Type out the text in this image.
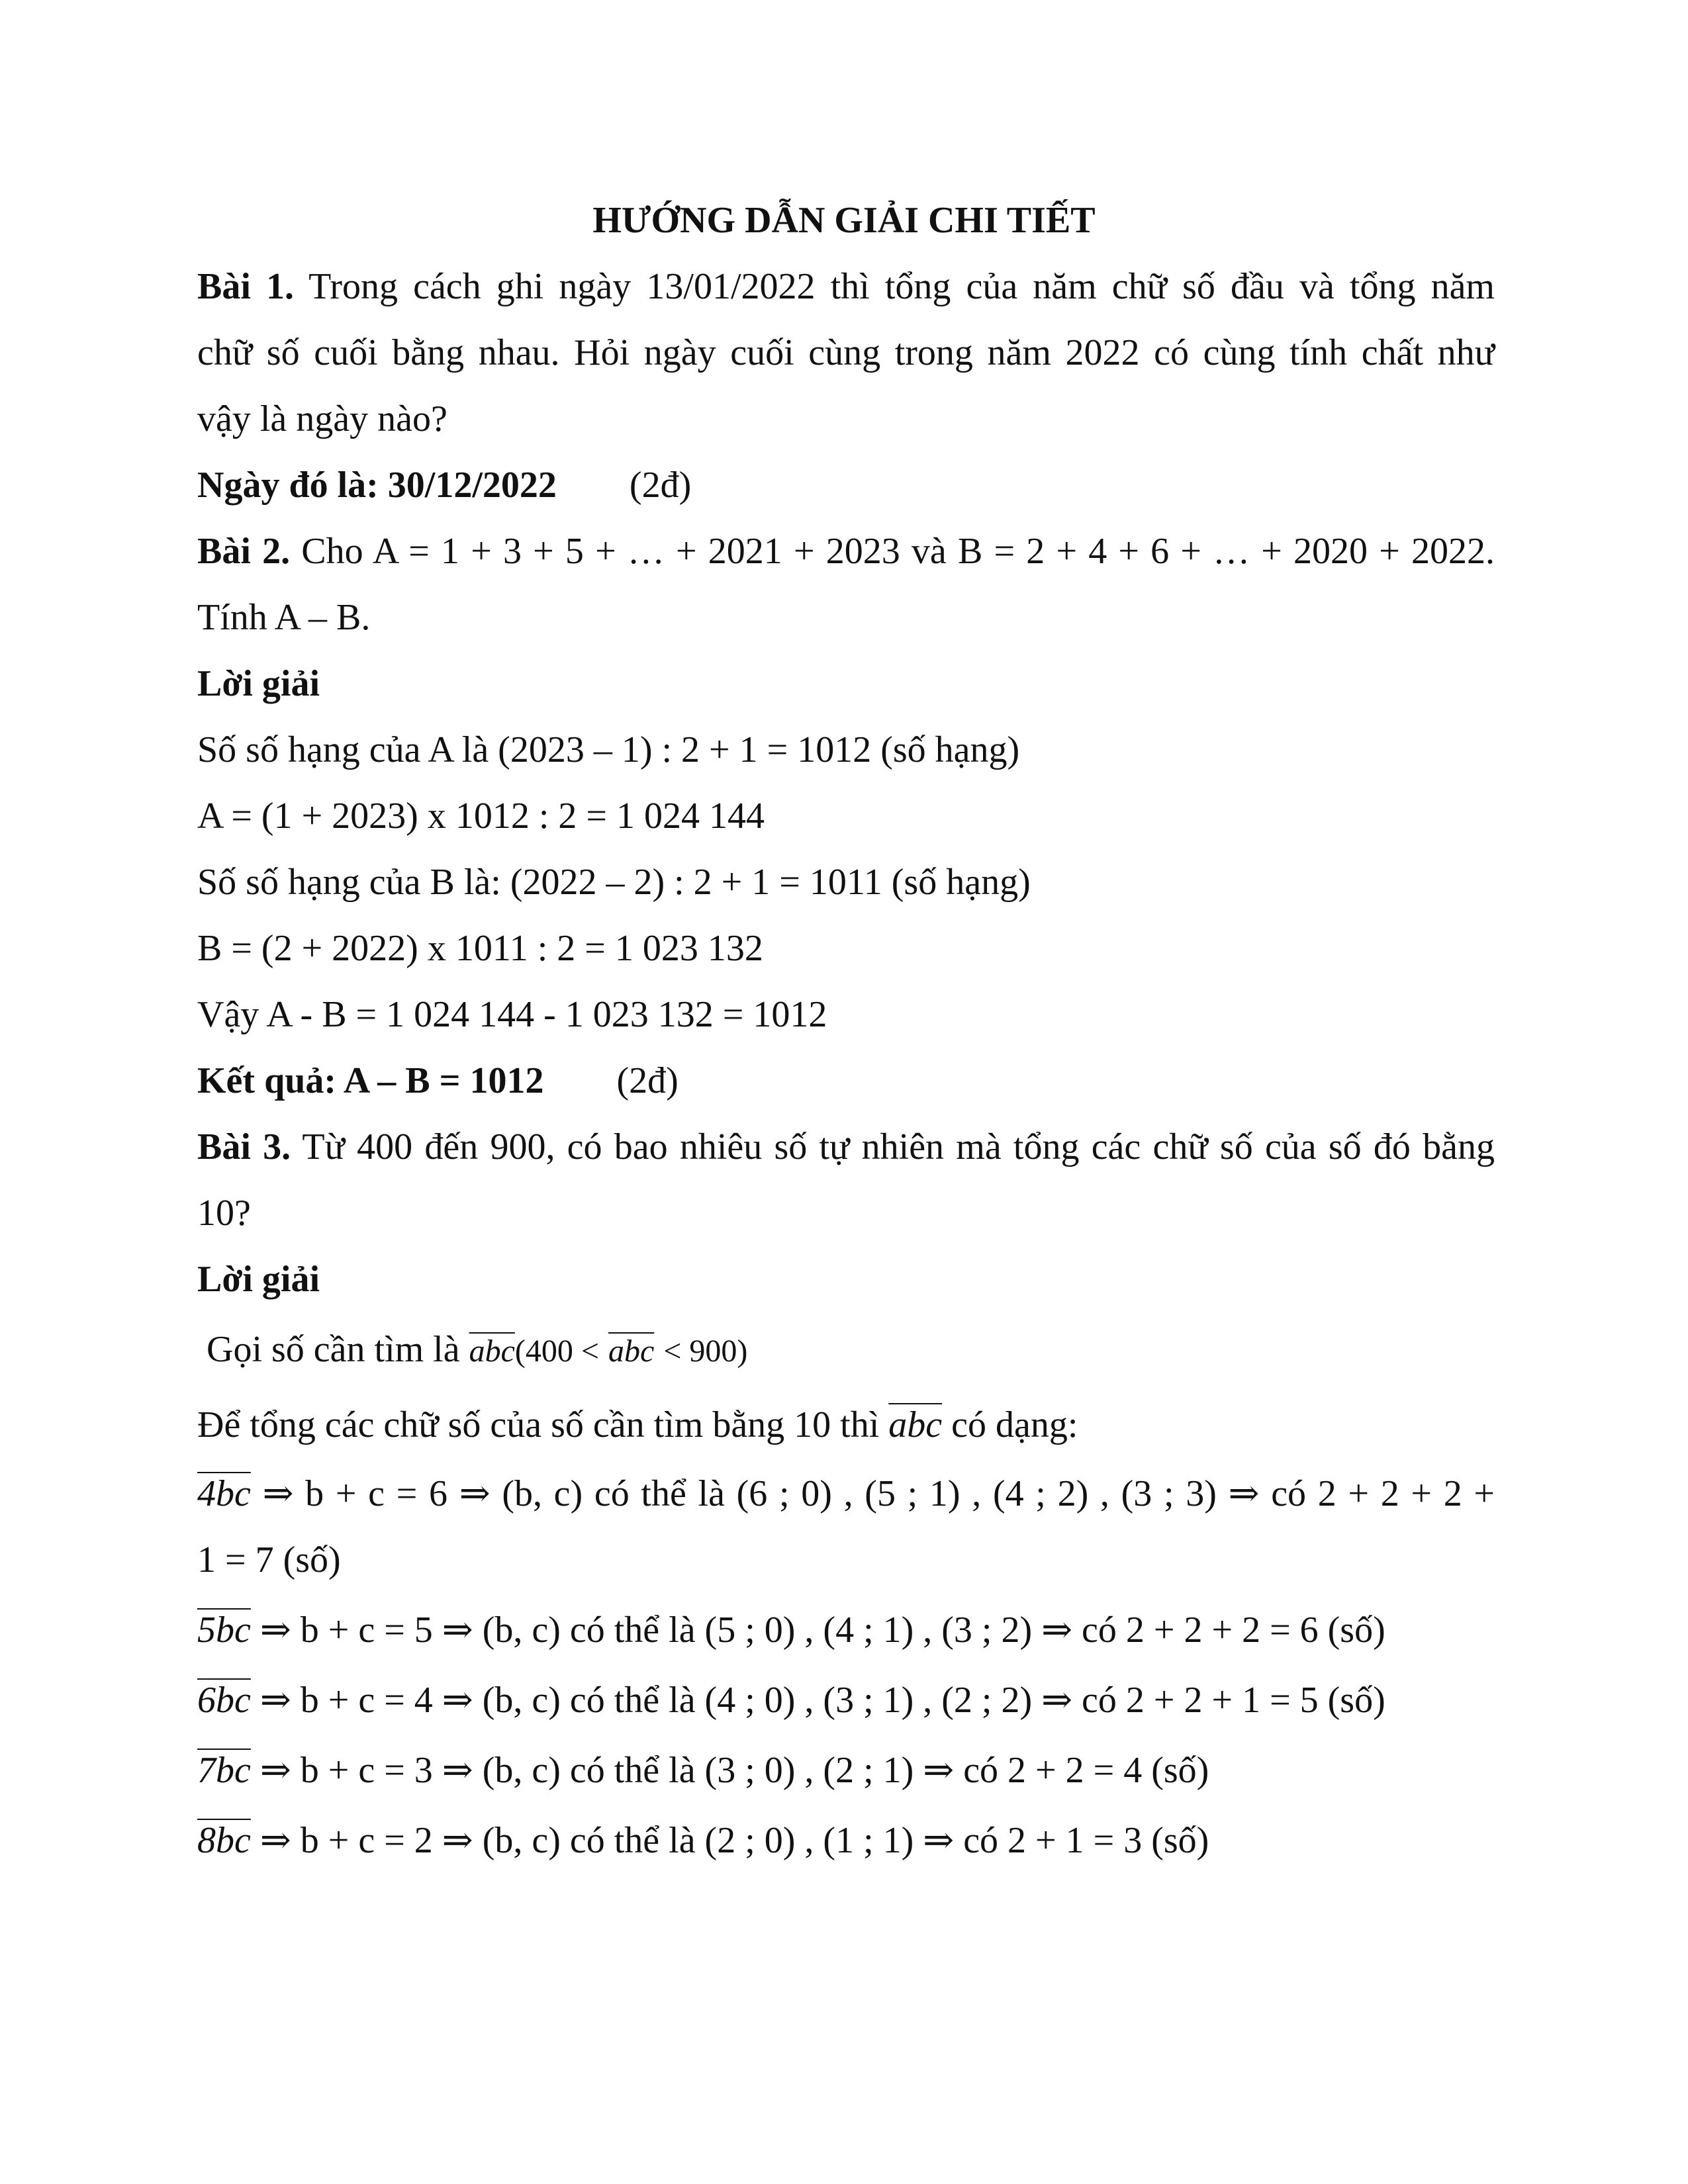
HƯỚNG DẪN GIẢI CHI TIẾT
Bài 1. Trong cách ghi ngày 13/01/2022 thì tổng của năm chữ số đầu và tổng năm
chữ số cuối bằng nhau. Hỏi ngày cuối cùng trong năm 2022 có cùng tính chất như
vậy là ngày nào?
Ngày đó là: 30/12/2022 (2đ)
Bài 2. Cho A = 1 + 3 + 5 + … + 2021 + 2023 và B = 2 + 4 + 6 + … + 2020 + 2022.
Tính A – B.
Lời giải
Số số hạng của A là (2023 – 1) : 2 + 1 = 1012 (số hạng)
A = (1 + 2023) x 1012 : 2 = 1 024 144
Số số hạng của B là: (2022 – 2) : 2 + 1 = 1011 (số hạng)
B = (2 + 2022) x 1011 : 2 = 1 023 132
Vậy A - B = 1 024 144 - 1 023 132 = 1012
Kết quả: A – B = 1012 (2đ)
Bài 3. Từ 400 đến 900, có bao nhiêu số tự nhiên mà tổng các chữ số của số đó bằng
10?
Lời giải
Gọi số cần tìm là $\overline{abc}(400 < \overline{abc} < 900)$
Để tổng các chữ số của số cần tìm bằng 10 thì $\overline{abc}$ có dạng:
4bc ⇒ b + c = 6 ⇒ (b, c) có thể là (6 ; 0) , (5 ; 1) , (4 ; 2) , (3 ; 3) ⇒ có 2 + 2 + 2 +
1 = 7 (số)
5bc ⇒ b + c = 5 ⇒ (b, c) có thể là (5 ; 0) , (4 ; 1) , (3 ; 2) ⇒ có 2 + 2 + 2 = 6 (số)
6bc ⇒ b + c = 4 ⇒ (b, c) có thể là (4 ; 0) , (3 ; 1) , (2 ; 2) ⇒ có 2 + 2 + 1 = 5 (số)
7bc ⇒ b + c = 3 ⇒ (b, c) có thể là (3 ; 0) , (2 ; 1) ⇒ có 2 + 2 = 4 (số)
8bc ⇒ b + c = 2 ⇒ (b, c) có thể là (2 ; 0) , (1 ; 1) ⇒ có 2 + 1 = 3 (số)
